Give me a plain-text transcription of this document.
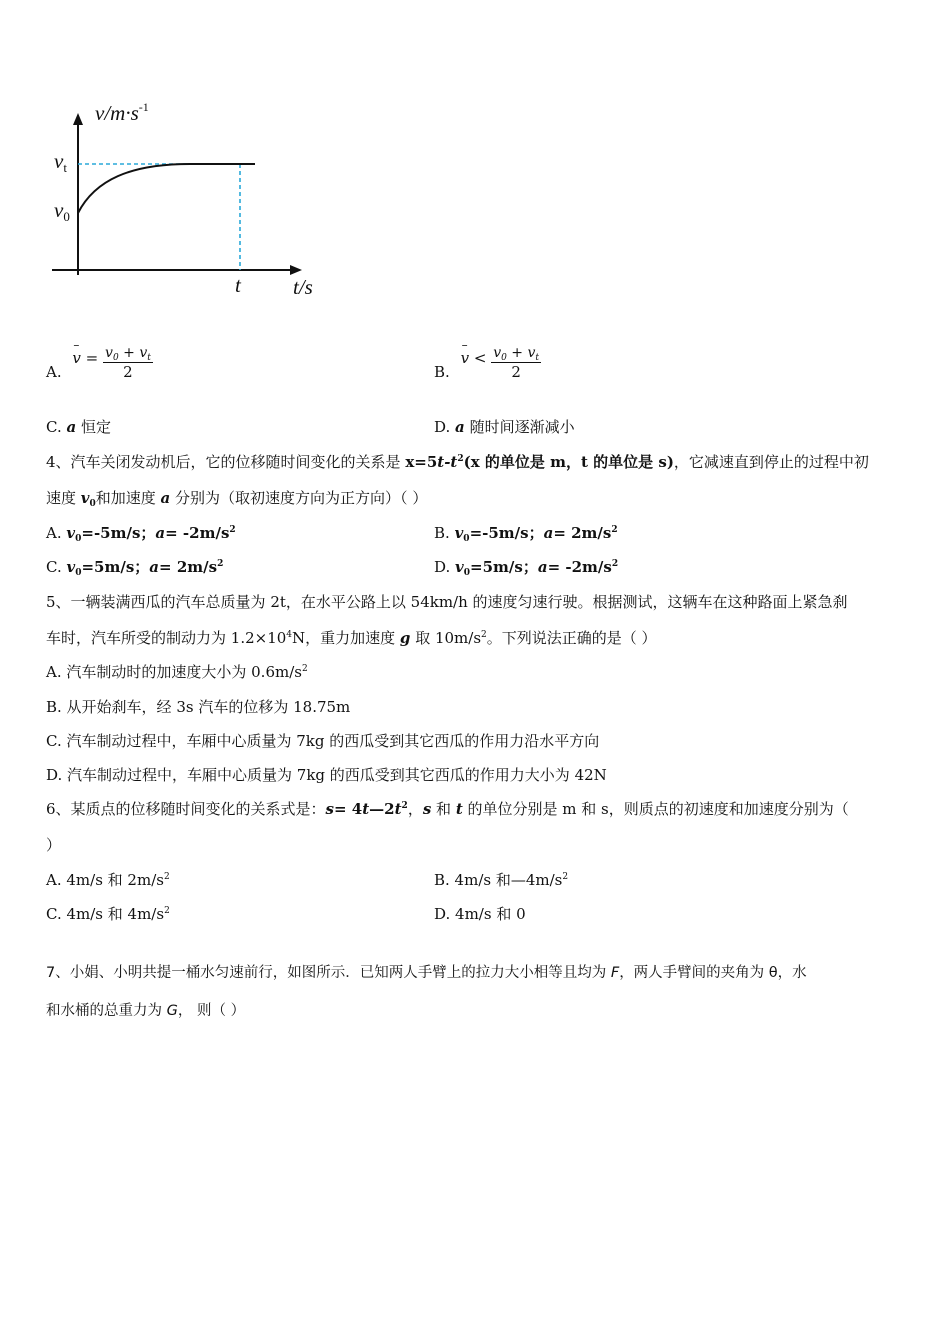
$v/m\cdot s^{-1}$
$v_t$
$v_0$
t t/s
A. – $v = \frac{v_0 + v_t}{2}$	B. – $v < \frac{v_0 + v_t}{2}$
C. a 恒定	D. a 随时间逐渐减小
4、汽车关闭发动机后，它的位移随时间变化的关系是 $x=5t-t^2(x$ 的单位是 m，t 的单位是 s)，它减速直到停止的过程中初
速度 $v_0$和加速度 a 分别为（取初速度方向为正方向）（ ）
A. $v_0=-5m/s$；$a= -2m/s^2$	B. $v_0=-5m/s$；$a= 2m/s^2$
C. $v_0=5m/s$；$a= 2m/s^2$	D. $v_0=5m/s$；$a= -2m/s^2$
5、一辆装满西瓜的汽车总质量为 2t，在水平公路上以 54km/h 的速度匀速行驶。根据测试，这辆车在这种路面上紧急刹
车时，汽车所受的制动力为 $1.2\times 10^4N$，重力加速度 g 取 $10m/s^2$。下列说法正确的是（ ）
A. 汽车制动时的加速度大小为 $0.6m/s^2$
B. 从开始刹车，经 3s 汽车的位移为 18.75m
C. 汽车制动过程中，车厢中心质量为 7kg 的西瓜受到其它西瓜的作用力沿水平方向
D. 汽车制动过程中，车厢中心质量为 7kg 的西瓜受到其它西瓜的作用力大小为 42N
6、某质点的位移随时间变化的关系式是：$s= 4t—2t^2$，s 和 t 的单位分别是 m 和 s，则质点的初速度和加速度分别为（
）
A. 4m/s 和 $2m/s^2$	B. 4m/s 和$—4m/s^2$
C. 4m/s 和 $4m/s^2$	D. 4m/s 和 0
7、小娟、小明共提一桶水匀速前行，如图所示．已知两人手臂上的拉力大小相等且均为 F，两人手臂间的夹角为 θ，水
和水桶的总重力为 G， 则（ ）
